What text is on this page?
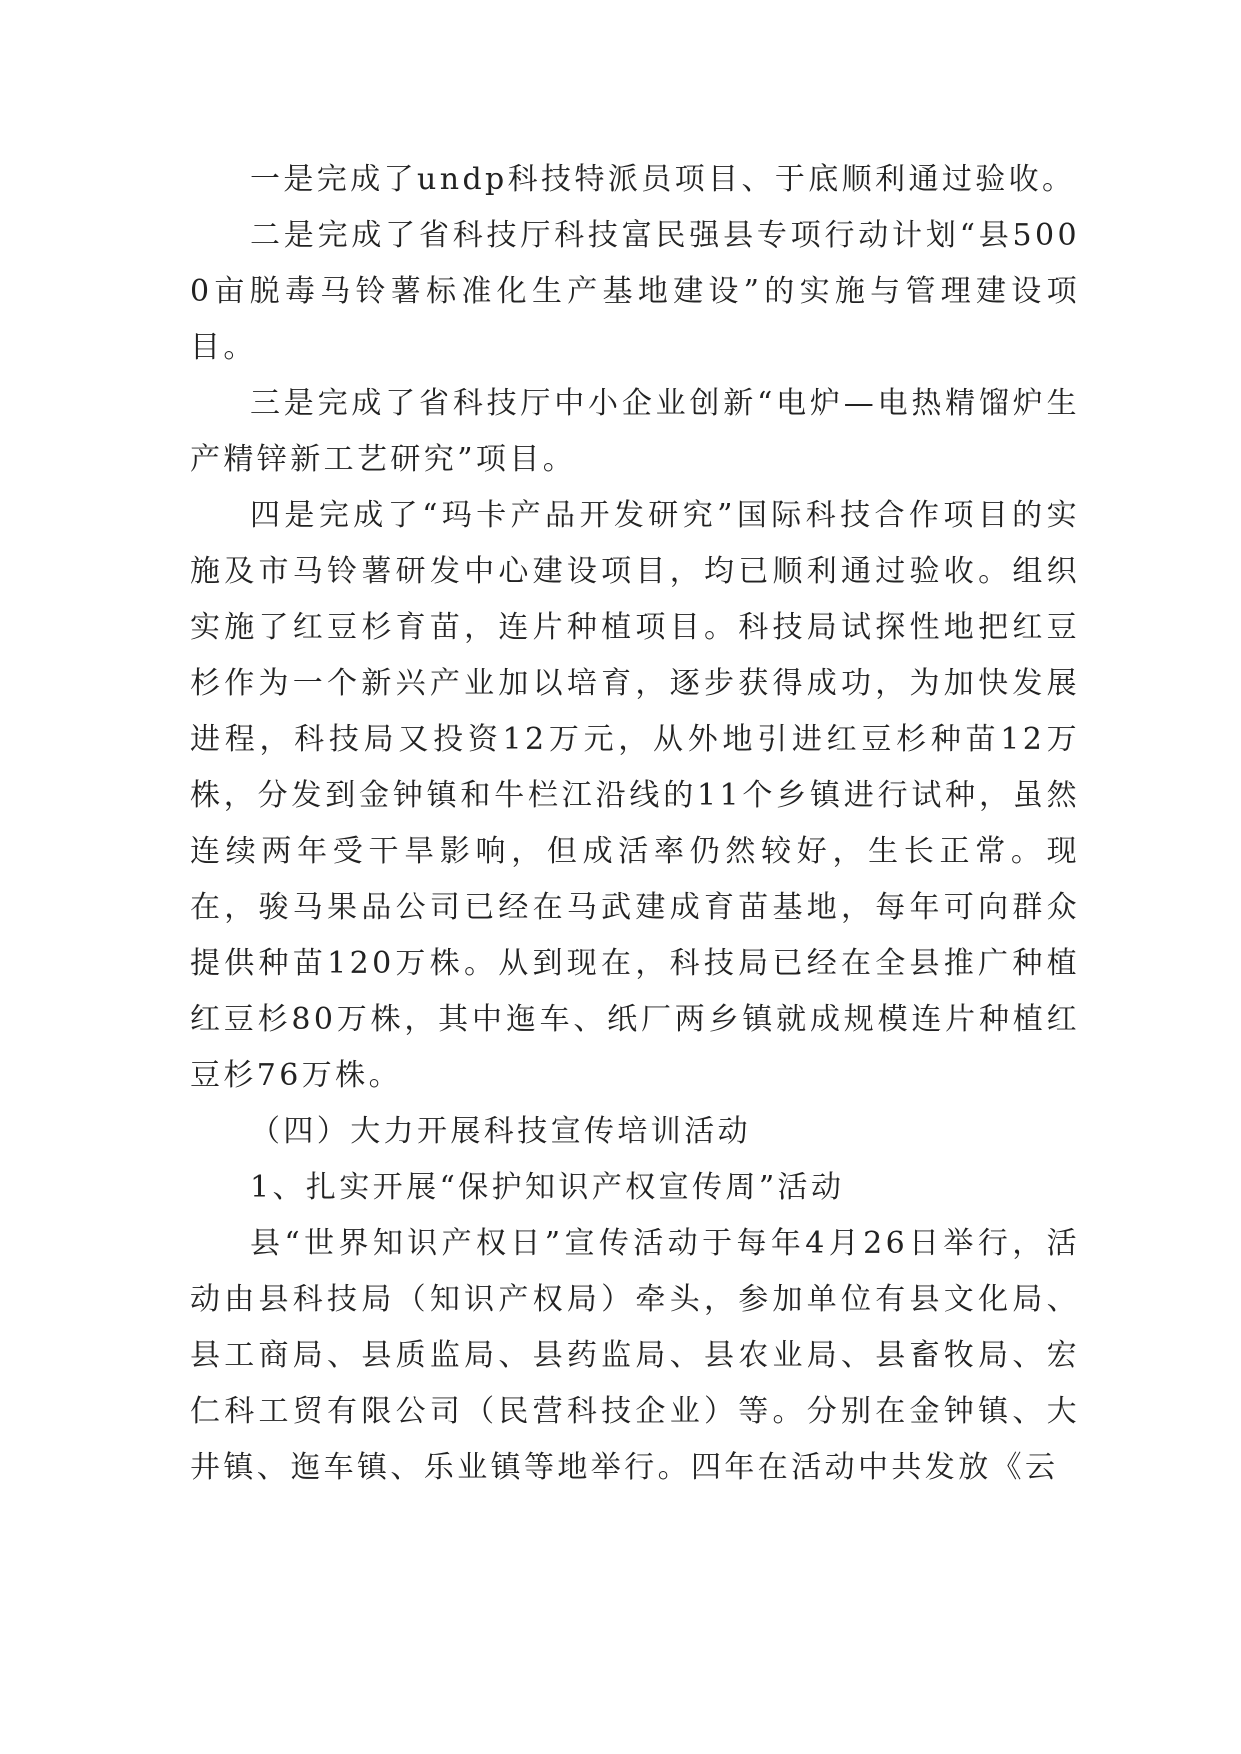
一是完成了undp科技特派员项目、于底顺利通过验收。

二是完成了省科技厅科技富民强县专项行动计划“县5000亩脱毒马铃薯标准化生产基地建设”的实施与管理建设项目。

三是完成了省科技厅中小企业创新“电炉—电热精馏炉生产精锌新工艺研究”项目。

四是完成了“玛卡产品开发研究”国际科技合作项目的实施及市马铃薯研发中心建设项目，均已顺利通过验收。组织实施了红豆杉育苗，连片种植项目。科技局试探性地把红豆杉作为一个新兴产业加以培育，逐步获得成功，为加快发展进程，科技局又投资12万元，从外地引进红豆杉种苗12万株，分发到金钟镇和牛栏江沿线的11个乡镇进行试种，虽然连续两年受干旱影响，但成活率仍然较好，生长正常。现在，骏马果品公司已经在马武建成育苗基地，每年可向群众提供种苗120万株。从到现在，科技局已经在全县推广种植红豆杉80万株，其中迤车、纸厂两乡镇就成规模连片种植红豆杉76万株。

（四）大力开展科技宣传培训活动

1、扎实开展“保护知识产权宣传周”活动

县“世界知识产权日”宣传活动于每年4月26日举行，活动由县科技局（知识产权局）牵头，参加单位有县文化局、县工商局、县质监局、县药监局、县农业局、县畜牧局、宏仁科工贸有限公司（民营科技企业）等。分别在金钟镇、大井镇、迤车镇、乐业镇等地举行。四年在活动中共发放《云
